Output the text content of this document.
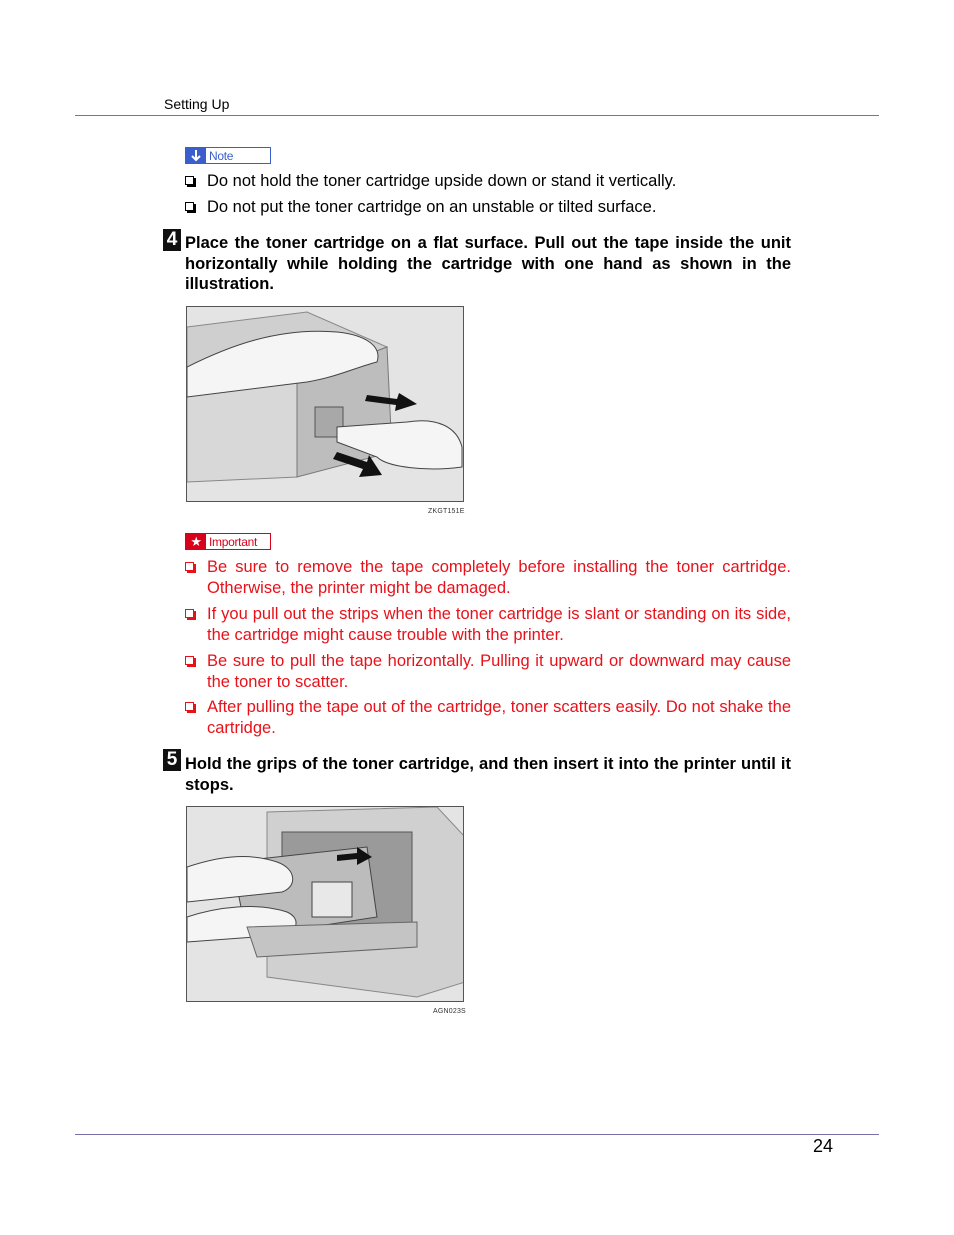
Setting Up
Note
Do not hold the toner cartridge upside down or stand it vertically.
Do not put the toner cartridge on an unstable or tilted surface.
4 Place the toner cartridge on a flat surface. Pull out the tape inside the unit horizontally while holding the cartridge with one hand as shown in the illustration.
ZKGT151E
★ Important
Be sure to remove the tape completely before installing the toner cartridge. Otherwise, the printer might be damaged.
If you pull out the strips when the toner cartridge is slant or standing on its side, the cartridge might cause trouble with the printer.
Be sure to pull the tape horizontally. Pulling it upward or downward may cause the toner to scatter.
After pulling the tape out of the cartridge, toner scatters easily. Do not shake the cartridge.
5 Hold the grips of the toner cartridge, and then insert it into the printer until it stops.
AGN023S
24
